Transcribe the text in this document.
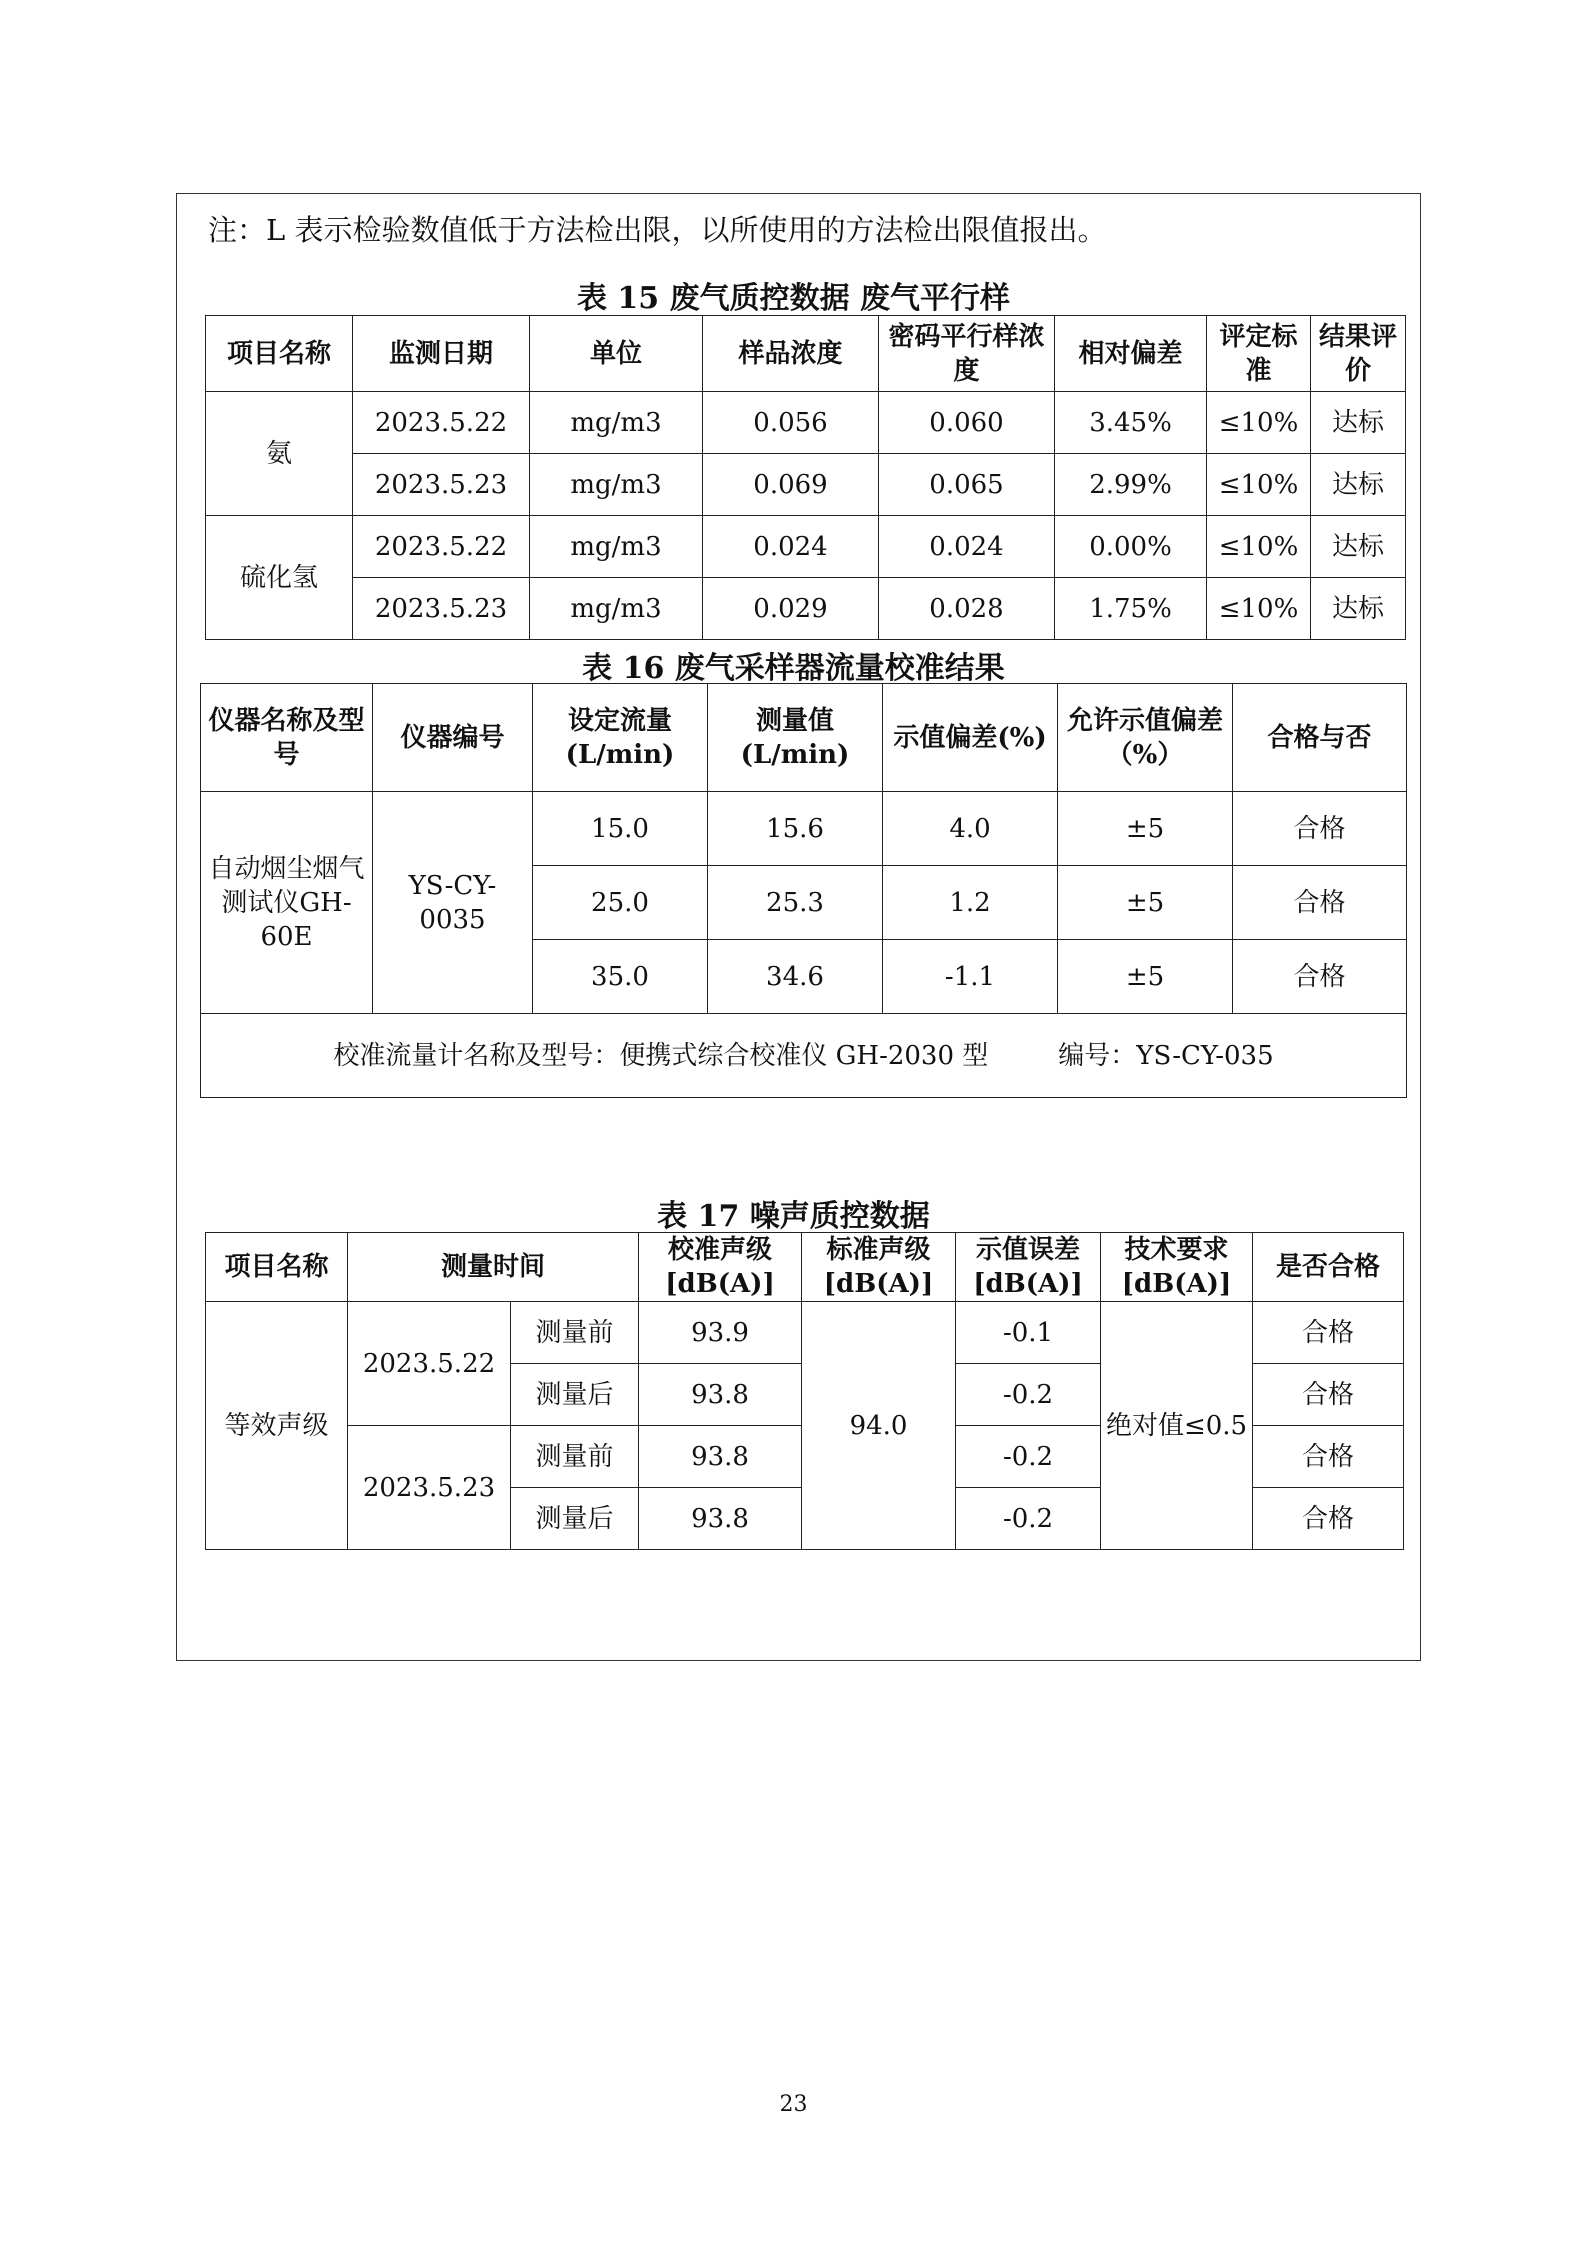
注：L 表示检验数值低于方法检出限，以所使用的方法检出限值报出。
表 15 废气质控数据 废气平行样
项目名称	监测日期	单位	样品浓度	密码平行样浓度	相对偏差	评定标准	结果评价
氨	2023.5.22	mg/m3	0.056	0.060	3.45%	≤10%	达标
	2023.5.23	mg/m3	0.069	0.065	2.99%	≤10%	达标
硫化氢	2023.5.22	mg/m3	0.024	0.024	0.00%	≤10%	达标
	2023.5.23	mg/m3	0.029	0.028	1.75%	≤10%	达标
表 16 废气采样器流量校准结果
仪器名称及型号	仪器编号	设定流量(L/min)	测量值(L/min)	示值偏差(%)	允许示值偏差（%）	合格与否
自动烟尘烟气测试仪GH-60E	YS-CY-0035	15.0	15.6	4.0	±5	合格
		25.0	25.3	1.2	±5	合格
		35.0	34.6	-1.1	±5	合格
校准流量计名称及型号：便携式综合校准仪 GH-2030 型 编号：YS-CY-035						
表 17 噪声质控数据
项目名称	测量时间		校准声级[dB(A)]	标准声级[dB(A)]	示值误差[dB(A)]	技术要求[dB(A)]	是否合格
等效声级	2023.5.22	测量前	93.9	94.0	-0.1	绝对值≤0.5	合格
		测量后	93.8		-0.2		合格
	2023.5.23	测量前	93.8		-0.2		合格
		测量后	93.8		-0.2		合格
23
